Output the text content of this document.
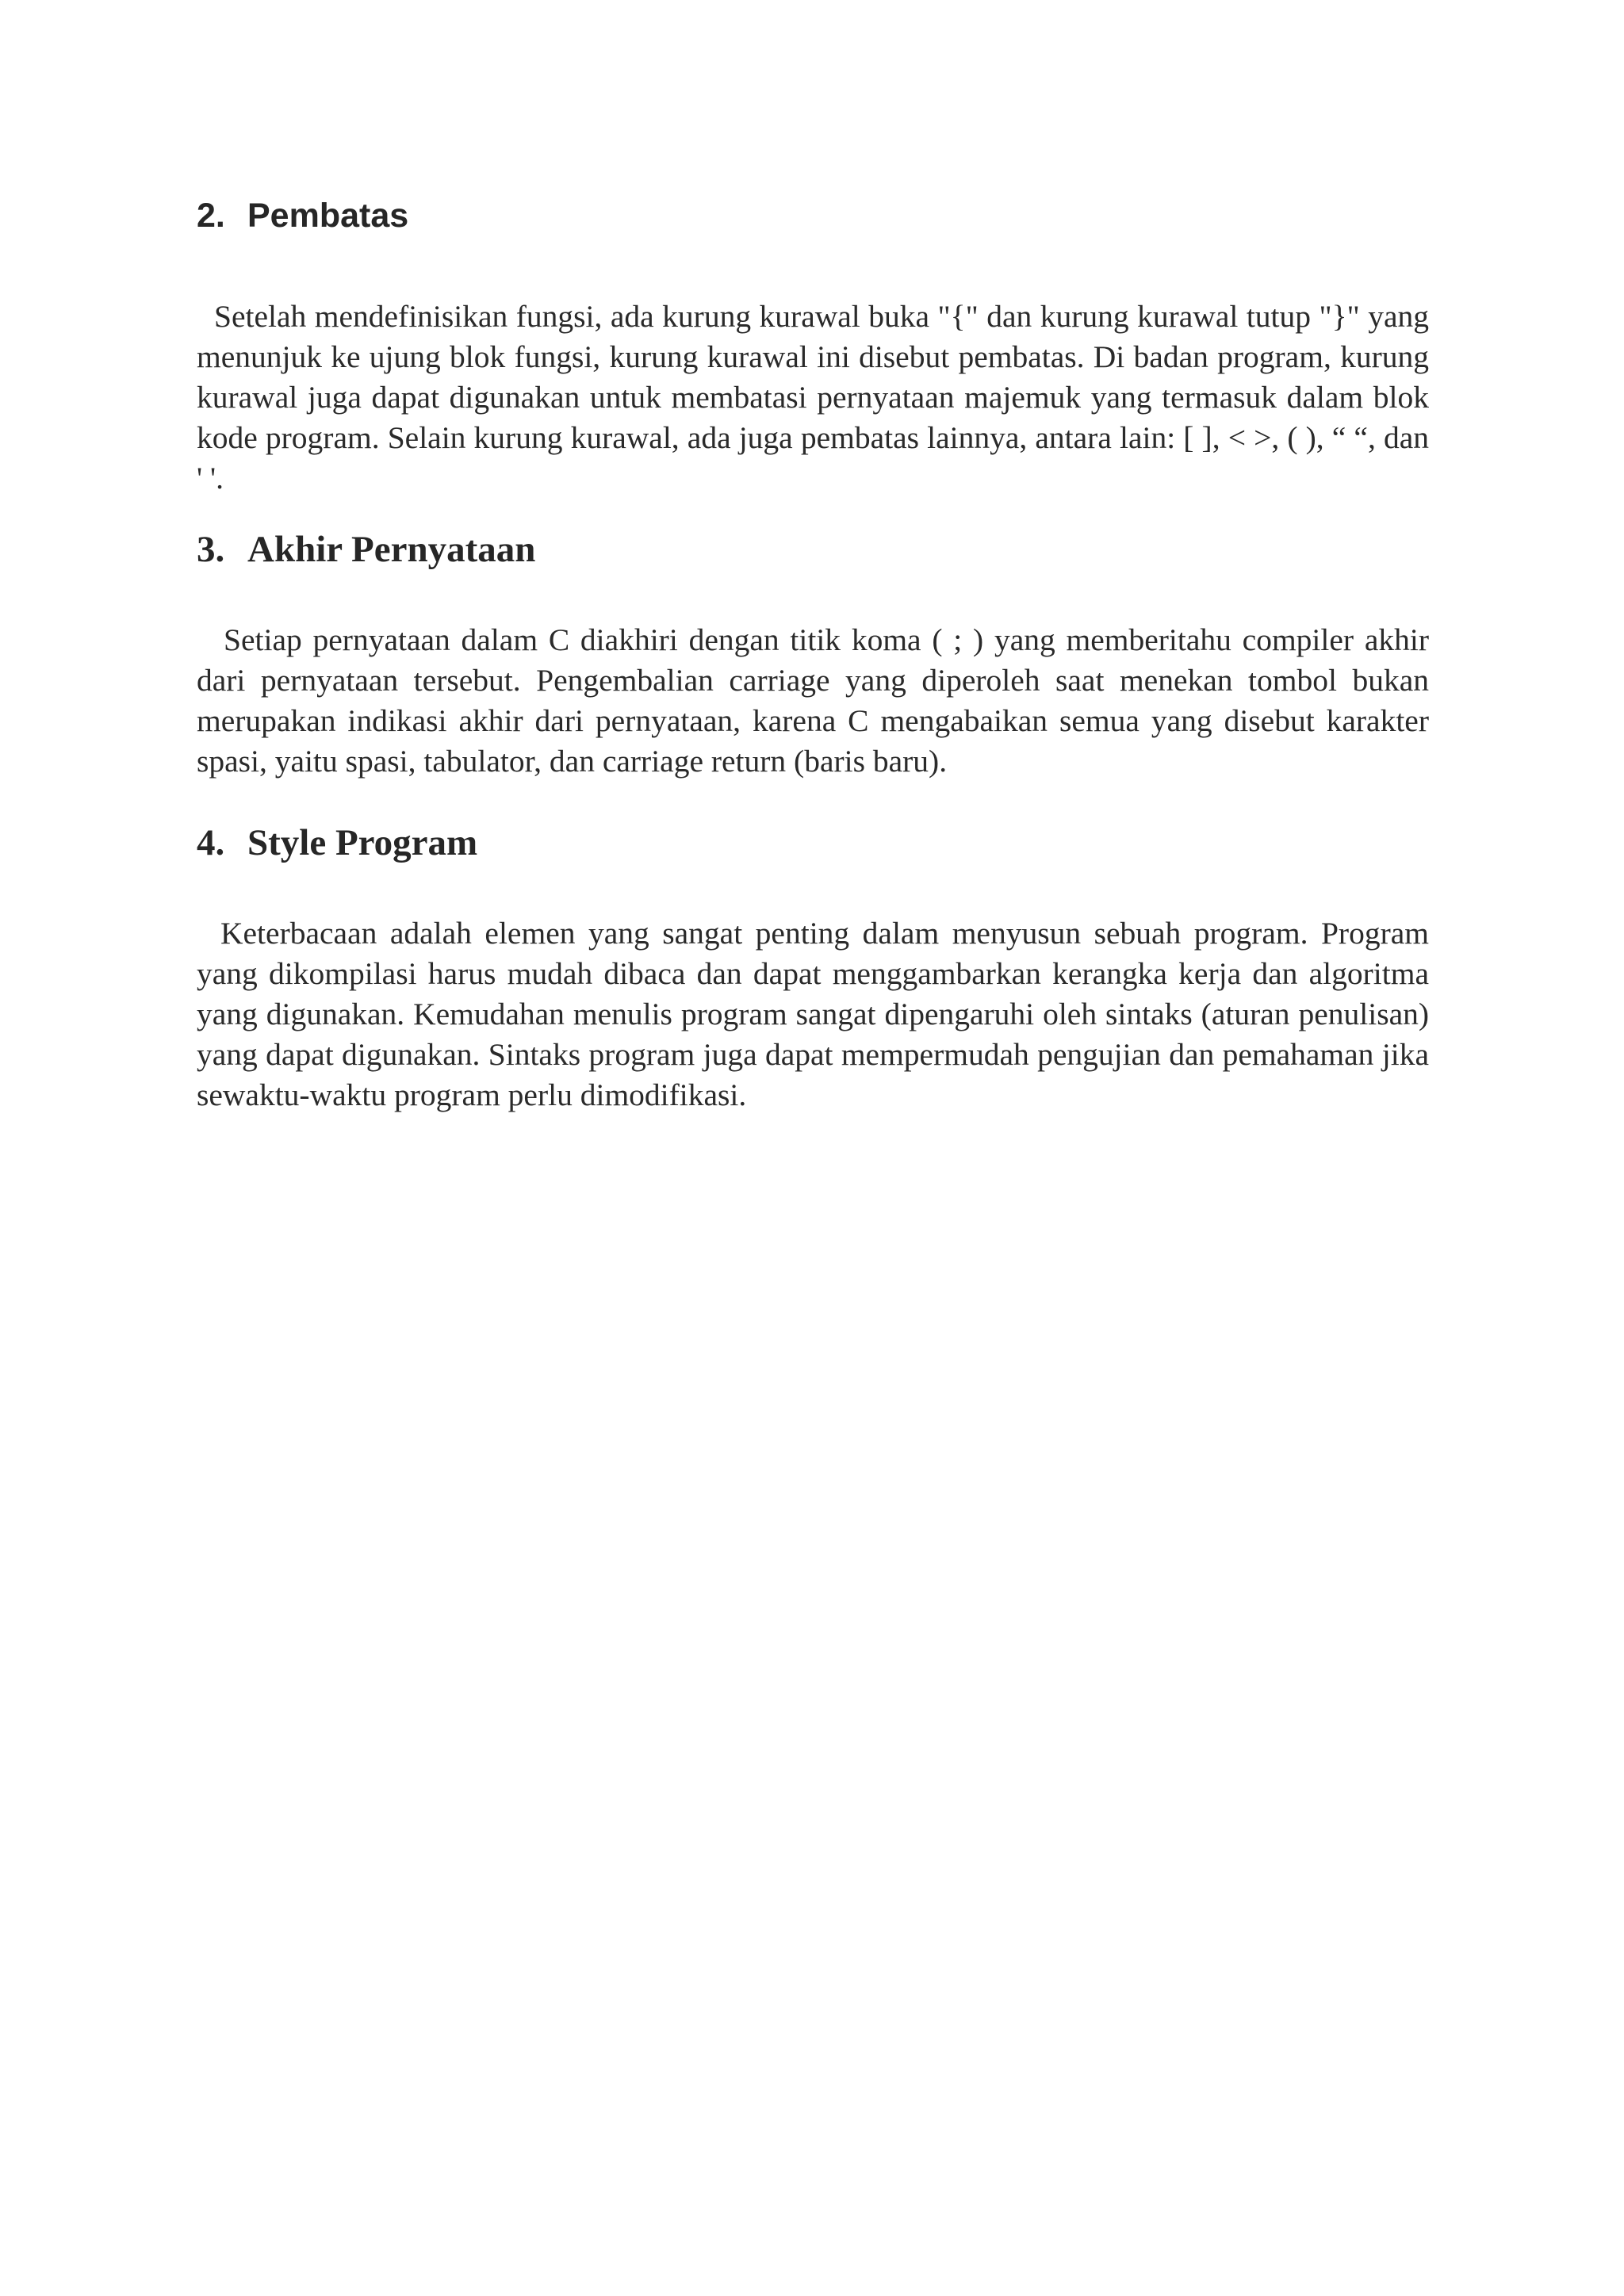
2. Pembatas

Setelah mendefinisikan fungsi, ada kurung kurawal buka "{" dan kurung kurawal tutup "}" yang menunjuk ke ujung blok fungsi, kurung kurawal ini disebut pembatas. Di badan program, kurung kurawal juga dapat digunakan untuk membatasi pernyataan majemuk yang termasuk dalam blok kode program. Selain kurung kurawal, ada juga pembatas lainnya, antara lain: [ ], < >, ( ), “ “, dan ' '.

3. Akhir Pernyataan

Setiap pernyataan dalam C diakhiri dengan titik koma ( ; ) yang memberitahu compiler akhir dari pernyataan tersebut. Pengembalian carriage yang diperoleh saat menekan tombol bukan merupakan indikasi akhir dari pernyataan, karena C mengabaikan semua yang disebut karakter spasi, yaitu spasi, tabulator, dan carriage return (baris baru).

4. Style Program

Keterbacaan adalah elemen yang sangat penting dalam menyusun sebuah program. Program yang dikompilasi harus mudah dibaca dan dapat menggambarkan kerangka kerja dan algoritma yang digunakan. Kemudahan menulis program sangat dipengaruhi oleh sintaks (aturan penulisan) yang dapat digunakan. Sintaks program juga dapat mempermudah pengujian dan pemahaman jika sewaktu-waktu program perlu dimodifikasi.
